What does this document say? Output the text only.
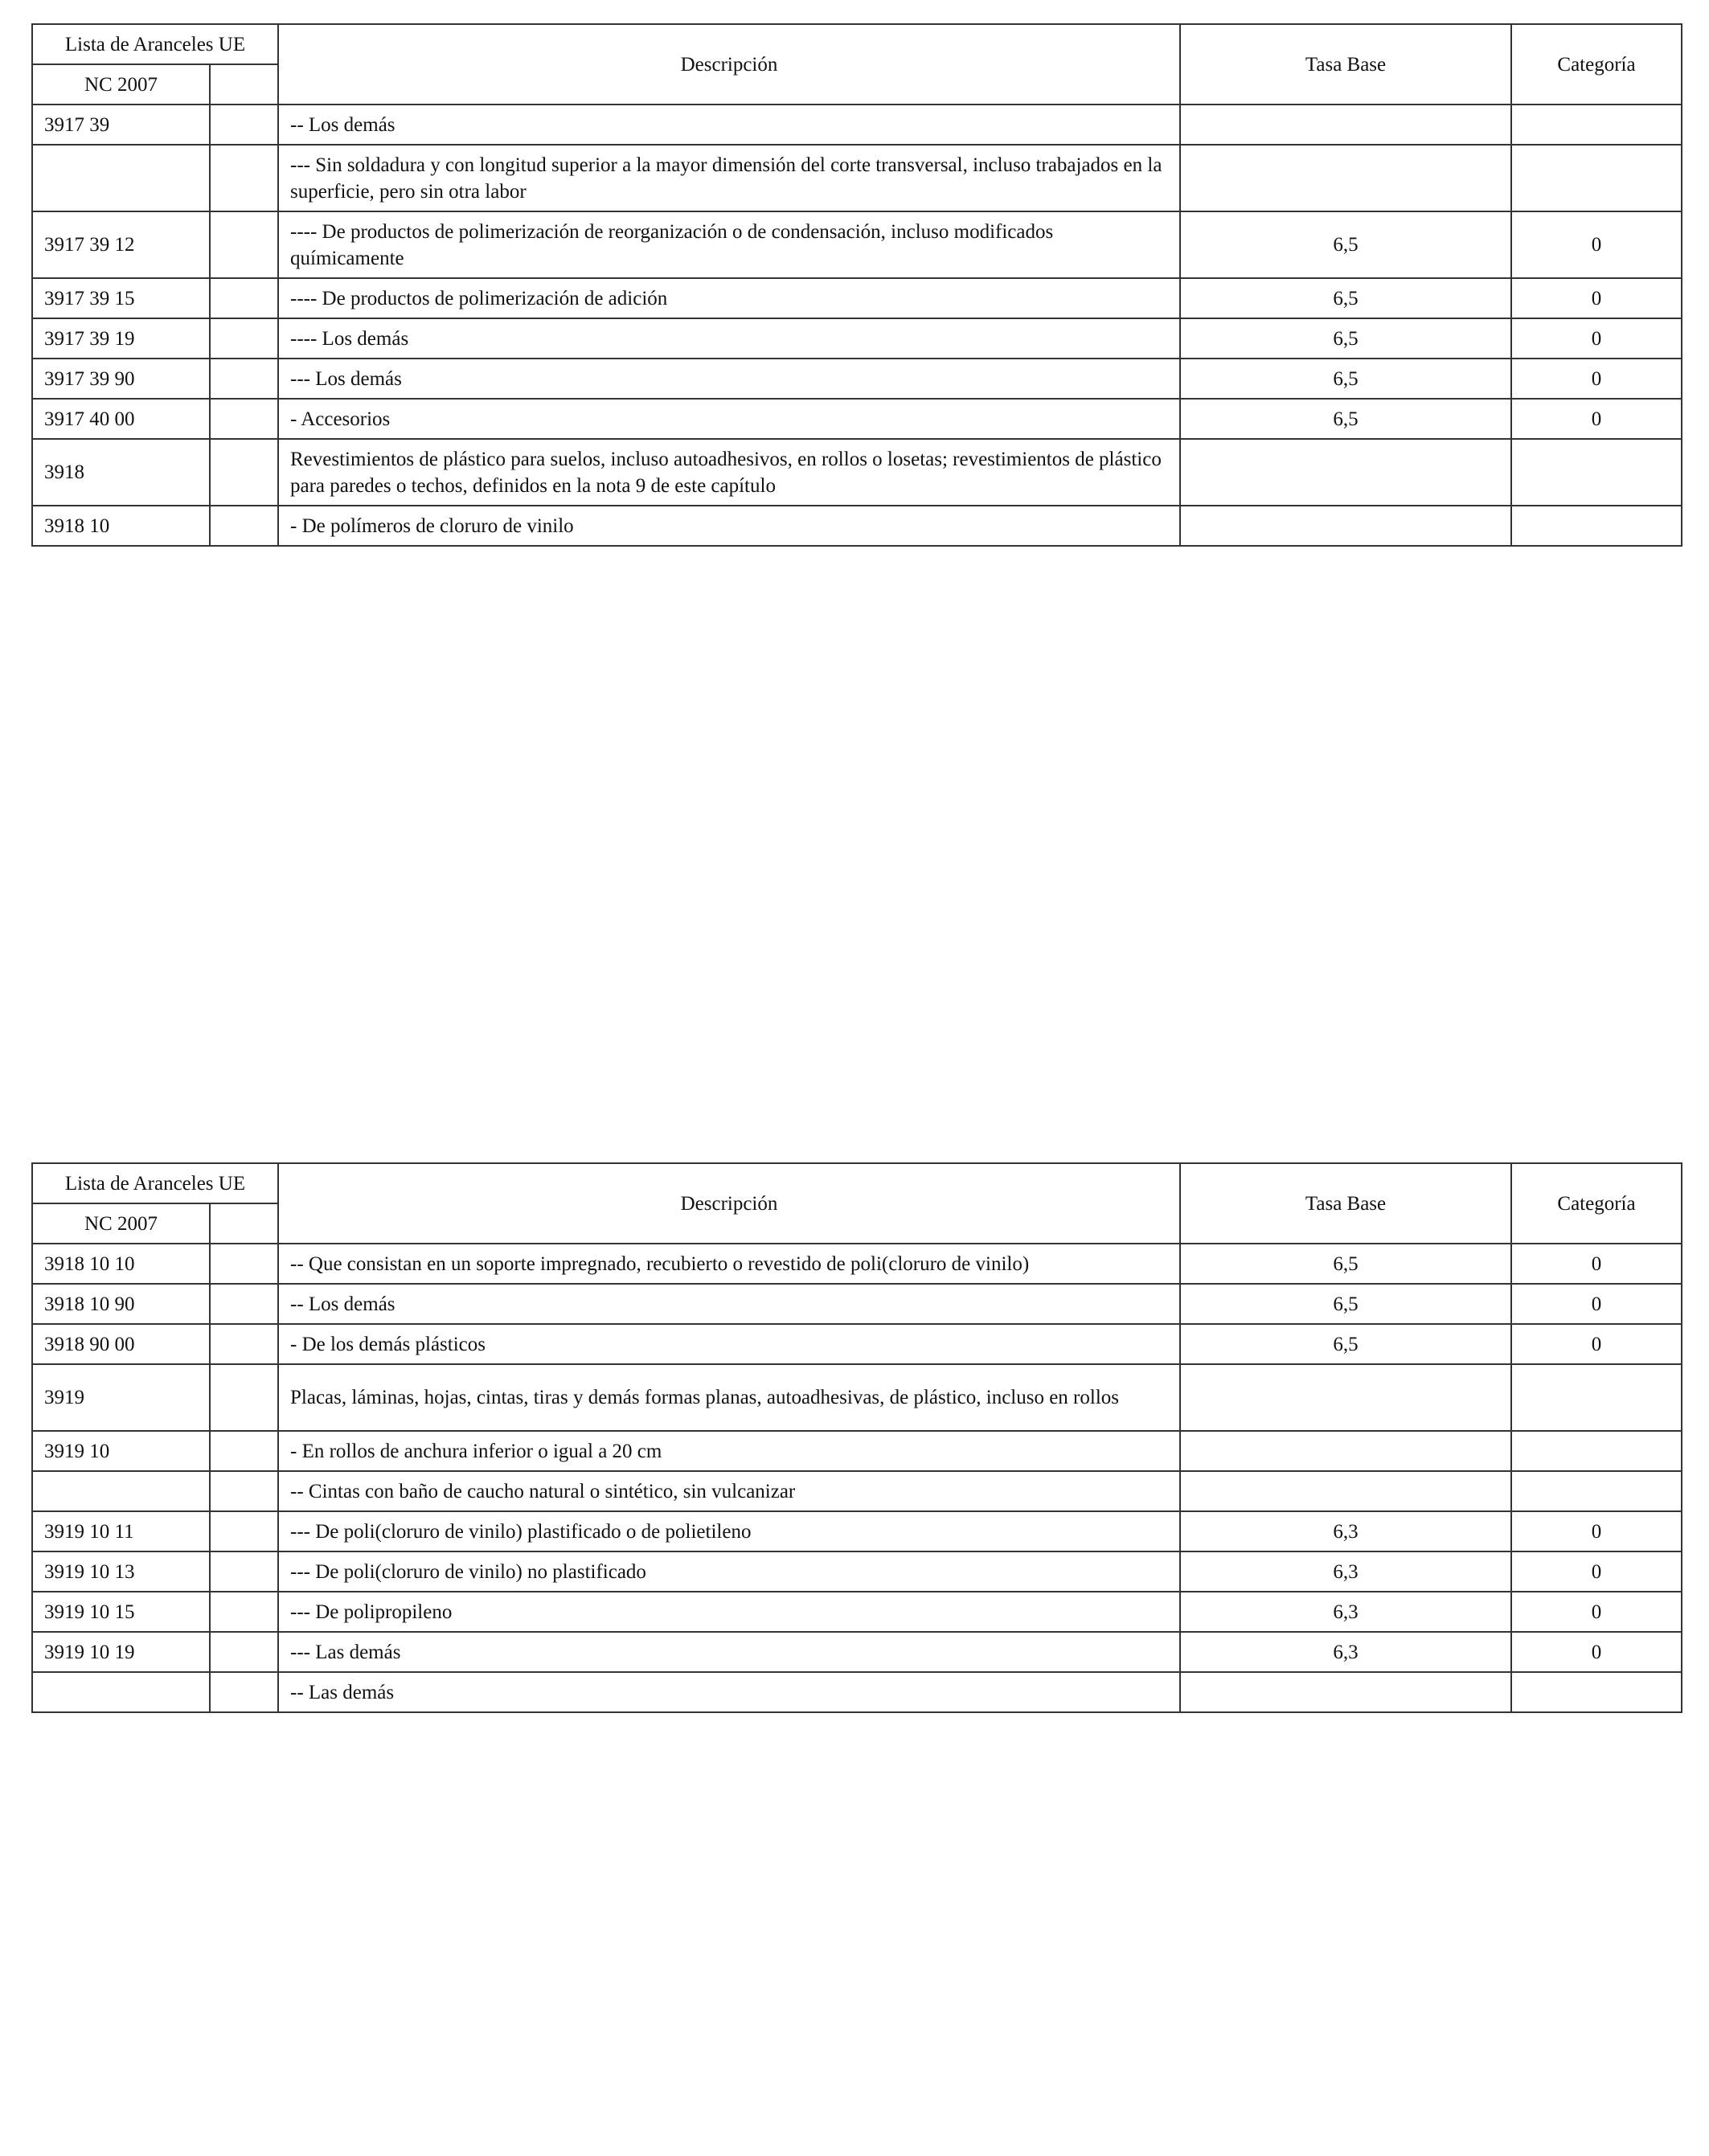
Lista de Aranceles UE		Descripción	Tasa Base	Categoría
NC 2007				
3917 39		-- Los demás		
		--- Sin soldadura y con longitud superior a la mayor dimensión del corte transversal, incluso trabajados en la superficie, pero sin otra labor		
3917 39 12		---- De productos de polimerización de reorganización o de condensación, incluso modificados químicamente	6,5	0
3917 39 15		---- De productos de polimerización de adición	6,5	0
3917 39 19		---- Los demás	6,5	0
3917 39 90		--- Los demás	6,5	0
3917 40 00		- Accesorios	6,5	0
3918		Revestimientos de plástico para suelos, incluso autoadhesivos, en rollos o losetas; revestimientos de plástico para paredes o techos, definidos en la nota 9 de este capítulo		
3918 10		- De polímeros de cloruro de vinilo		
Lista de Aranceles UE		Descripción	Tasa Base	Categoría
NC 2007				
3918 10 10		-- Que consistan en un soporte impregnado, recubierto o revestido de poli(cloruro de vinilo)	6,5	0
3918 10 90		-- Los demás	6,5	0
3918 90 00		- De los demás plásticos	6,5	0
3919		Placas, láminas, hojas, cintas, tiras y demás formas planas, autoadhesivas, de plástico, incluso en rollos		
3919 10		- En rollos de anchura inferior o igual a 20 cm		
		-- Cintas con baño de caucho natural o sintético, sin vulcanizar		
3919 10 11		--- De poli(cloruro de vinilo) plastificado o de polietileno	6,3	0
3919 10 13		--- De poli(cloruro de vinilo) no plastificado	6,3	0
3919 10 15		--- De polipropileno	6,3	0
3919 10 19		--- Las demás	6,3	0
		-- Las demás		
